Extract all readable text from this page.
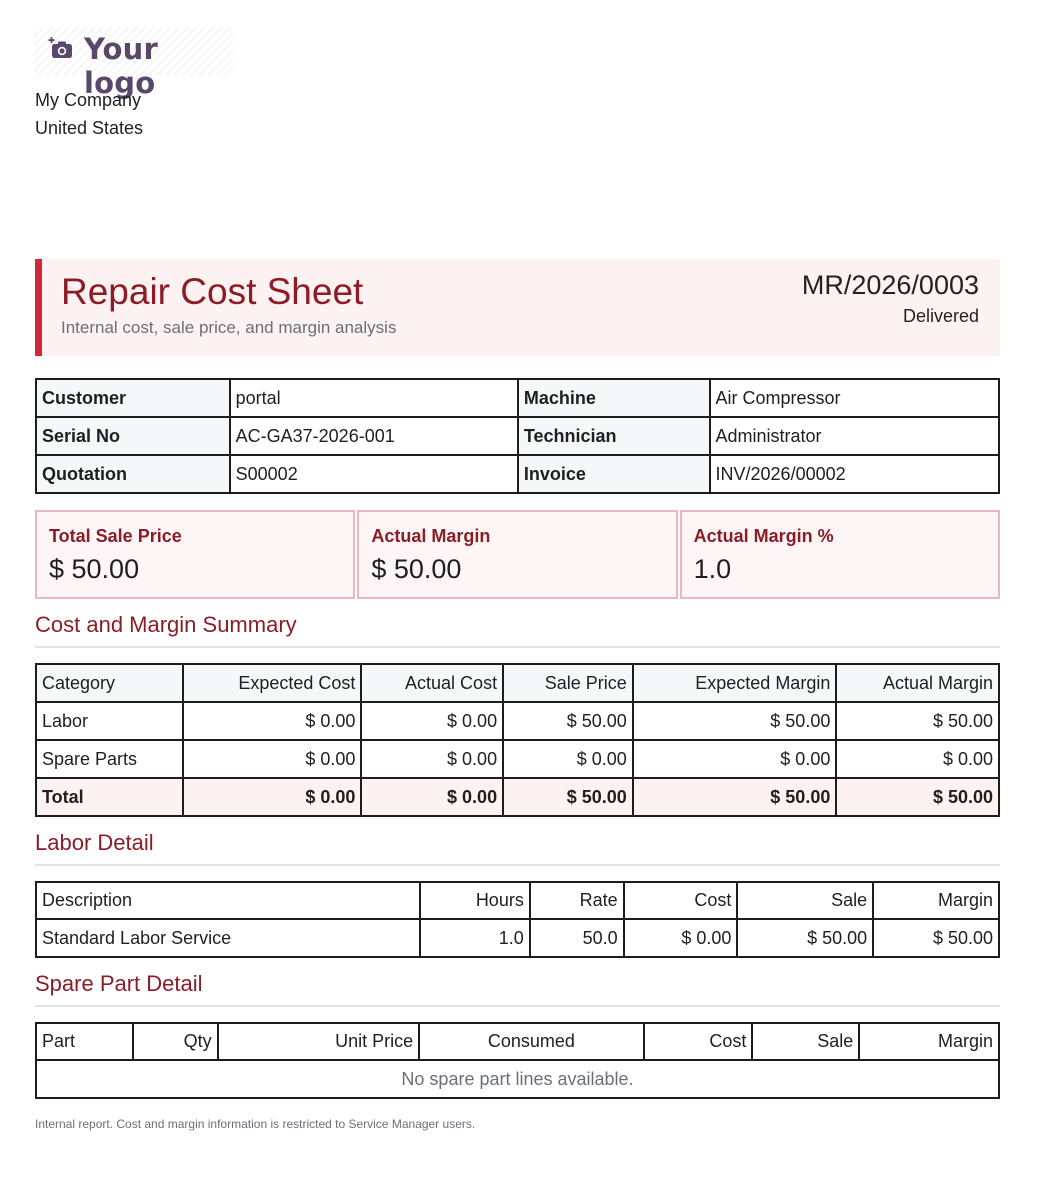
Your logo
My Company
United States
Repair Cost Sheet
Internal cost, sale price, and margin analysis
MR/2026/0003
Delivered
Customer	portal	Machine	Air Compressor
Serial No	AC-GA37-2026-001	Technician	Administrator
Quotation	S00002	Invoice	INV/2026/00002
Total Sale Price
$ 50.00
Actual Margin
$ 50.00
Actual Margin %
1.0
Cost and Margin Summary
Category	Expected Cost	Actual Cost	Sale Price	Expected Margin	Actual Margin
Labor	$ 0.00	$ 0.00	$ 50.00	$ 50.00	$ 50.00
Spare Parts	$ 0.00	$ 0.00	$ 0.00	$ 0.00	$ 0.00
Total	$ 0.00	$ 0.00	$ 50.00	$ 50.00	$ 50.00
Labor Detail
Description	Hours	Rate	Cost	Sale	Margin
Standard Labor Service	1.0	50.0	$ 0.00	$ 50.00	$ 50.00
Spare Part Detail
Part	Qty	Unit Price	Consumed	Cost	Sale	Margin
No spare part lines available.
Internal report. Cost and margin information is restricted to Service Manager users.
